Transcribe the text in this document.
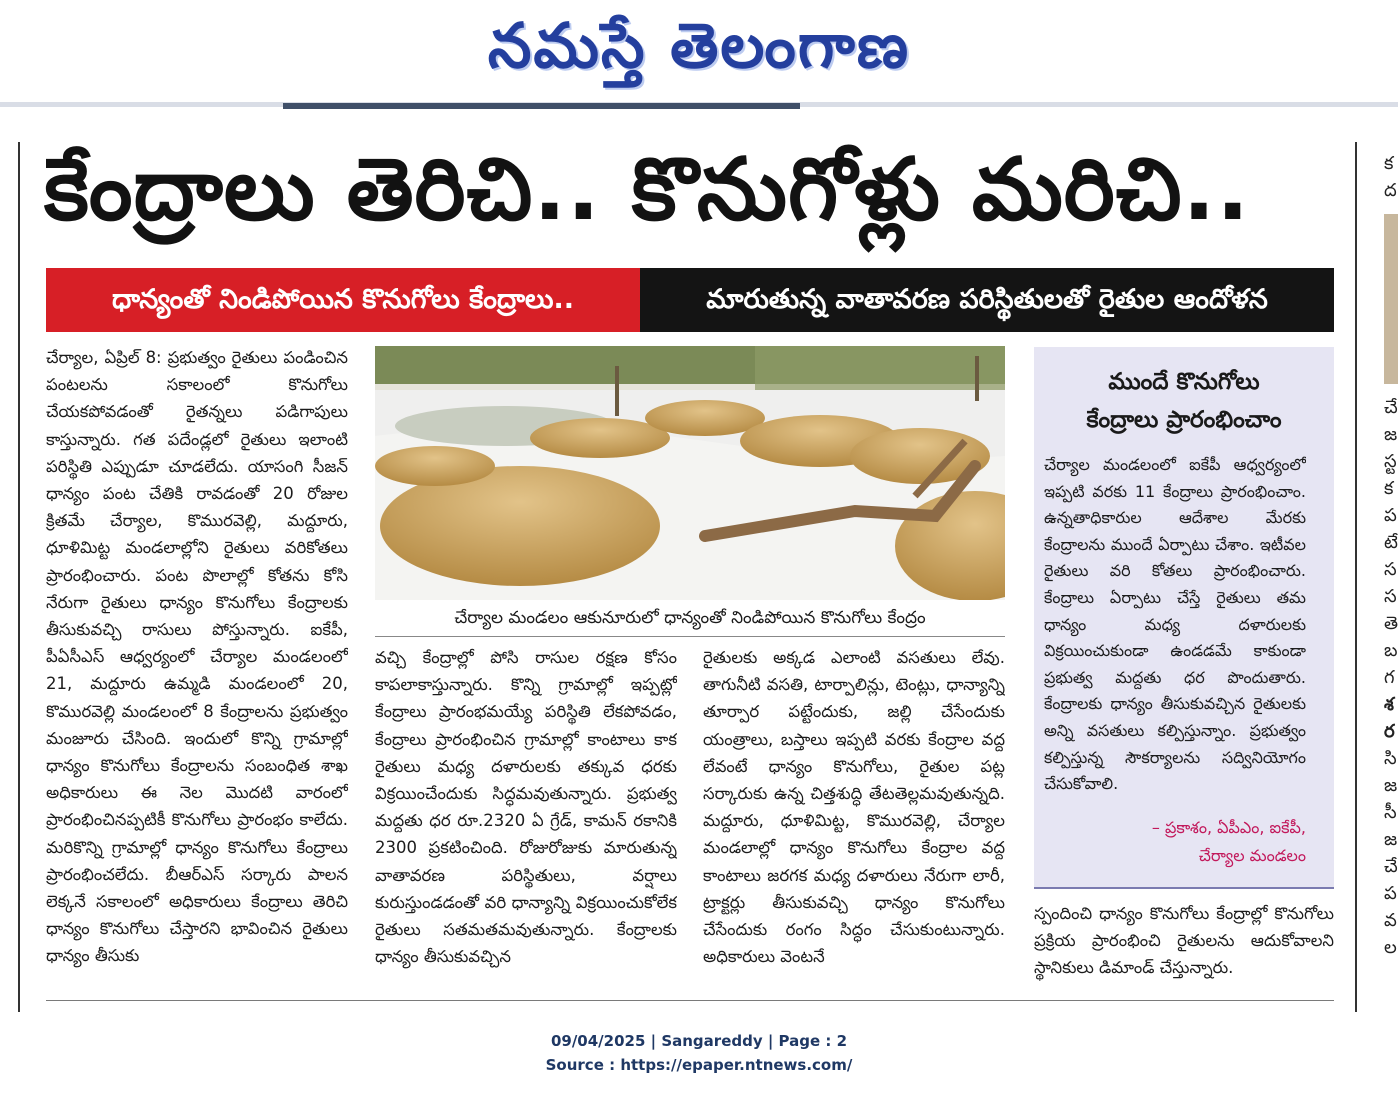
నమస్తే తెలంగాణ
కేంద్రాలు తెరిచి.. కొనుగోళ్లు మరిచి..
ధాన్యంతో నిండిపోయిన కొనుగోలు కేంద్రాలు..	మారుతున్న వాతావరణ పరిస్థితులతో రైతుల ఆందోళన
చేర్యాల, ఏప్రిల్ 8: ప్రభుత్వం రైతులు పండించిన పంటలను సకాలంలో కొనుగోలు చేయకపోవడంతో రైతన్నలు పడిగాపులు కాస్తున్నారు. గత పదేండ్లలో రైతులు ఇలాంటి పరిస్థితి ఎప్పుడూ చూడలేదు. యాసంగి సీజన్ ధాన్యం పంట చేతికి రావడంతో 20 రోజుల క్రితమే చేర్యాల, కొమురవెల్లి, మద్దూరు, ధూళిమిట్ట మండలాల్లోని రైతులు వరికోతలు ప్రారంభించారు. పంట పొలాల్లో కోతను కోసి నేరుగా రైతులు ధాన్యం కొనుగోలు కేంద్రాలకు తీసుకువచ్చి రాసులు పోస్తున్నారు. ఐకేపీ, పీఏసీఎస్ ఆధ్వర్యంలో చేర్యాల మండలంలో 21, మద్దూరు ఉమ్మడి మండలంలో 20, కొమురవెల్లి మండలంలో 8 కేంద్రాలను ప్రభుత్వం మంజూరు చేసింది. ఇందులో కొన్ని గ్రామాల్లో ధాన్యం కొనుగోలు కేంద్రాలను సంబంధిత శాఖ అధికారులు ఈ నెల మొదటి వారంలో ప్రారంభించినప్పటికీ కొనుగోలు ప్రారంభం కాలేదు. మరికొన్ని గ్రామాల్లో ధాన్యం కొనుగోలు కేంద్రాలు ప్రారంభించలేదు. బీఆర్ఎస్ సర్కారు పాలన లెక్కనే సకాలంలో అధికారులు కేంద్రాలు తెరిచి ధాన్యం కొనుగోలు చేస్తారని భావించిన రైతులు ధాన్యం తీసుకు
చేర్యాల మండలం ఆకునూరులో ధాన్యంతో నిండిపోయిన కొనుగోలు కేంద్రం
వచ్చి కేంద్రాల్లో పోసి రాసుల రక్షణ కోసం కాపలాకాస్తున్నారు. కొన్ని గ్రామాల్లో ఇప్పట్లో కేంద్రాలు ప్రారంభమయ్యే పరిస్థితి లేకపోవడం, కేంద్రాలు ప్రారంభించిన గ్రామాల్లో కాంటాలు కాక రైతులు మధ్య దళారులకు తక్కువ ధరకు విక్రయించేందుకు సిద్ధమవుతున్నారు. ప్రభుత్వ మద్దతు ధర రూ.2320 ఏ గ్రేడ్, కామన్ రకానికి 2300 ప్రకటించింది. రోజురోజుకు మారుతున్న వాతావరణ పరిస్థితులు, వర్షాలు కురుస్తుండడంతో వరి ధాన్యాన్ని విక్రయించుకోలేక రైతులు సతమతమవుతున్నారు. కేంద్రాలకు ధాన్యం తీసుకువచ్చిన
రైతులకు అక్కడ ఎలాంటి వసతులు లేవు. తాగునీటి వసతి, టార్పాలిన్లు, టెంట్లు, ధాన్యాన్ని తూర్పార పట్టేందుకు, జల్లి చేసేందుకు యంత్రాలు, బస్తాలు ఇప్పటి వరకు కేంద్రాల వద్ద లేవంటే ధాన్యం కొనుగోలు, రైతుల పట్ల సర్కారుకు ఉన్న చిత్తశుద్ధి తేటతెల్లమవుతున్నది. మద్దూరు, ధూళిమిట్ట, కొమురవెల్లి, చేర్యాల మండలాల్లో ధాన్యం కొనుగోలు కేంద్రాల వద్ద కాంటాలు జరగక మధ్య దళారులు నేరుగా లారీ, ట్రాక్టర్లు తీసుకువచ్చి ధాన్యం కొనుగోలు చేసేందుకు రంగం సిద్ధం చేసుకుంటున్నారు. అధికారులు వెంటనే
ముందే కొనుగోలు
కేంద్రాలు ప్రారంభించాం
చేర్యాల మండలంలో ఐకేపీ ఆధ్వర్యంలో ఇప్పటి వరకు 11 కేంద్రాలు ప్రారంభించాం. ఉన్నతాధికారుల ఆదేశాల మేరకు కేంద్రాలను ముందే ఏర్పాటు చేశాం. ఇటీవల రైతులు వరి కోతలు ప్రారంభించారు. కేంద్రాలు ఏర్పాటు చేస్తే రైతులు తమ ధాన్యం మధ్య దళారులకు విక్రయించుకుండా ఉండడమే కాకుండా ప్రభుత్వ మద్దతు ధర పొందుతారు. కేంద్రాలకు ధాన్యం తీసుకువచ్చిన రైతులకు అన్ని వసతులు కల్పిస్తున్నాం. ప్రభుత్వం కల్పిస్తున్న సౌకర్యాలను సద్వినియోగం చేసుకోవాలి.
– ప్రకాశం, ఏపీఎం, ఐకేపీ,
చేర్యాల మండలం
స్పందించి ధాన్యం కొనుగోలు కేంద్రాల్లో కొనుగోలు ప్రక్రియ ప్రారంభించి రైతులను ఆదుకోవాలని స్థానికులు డిమాండ్ చేస్తున్నారు.
క
ద
చే
జ
స్ట
క
ప
టే
స
స
తె
బ
గ
శ
ర
సి
జ
సీ
జ
చే
ప
వ
ల
09/04/2025 | Sangareddy | Page : 2
Source : https://epaper.ntnews.com/
